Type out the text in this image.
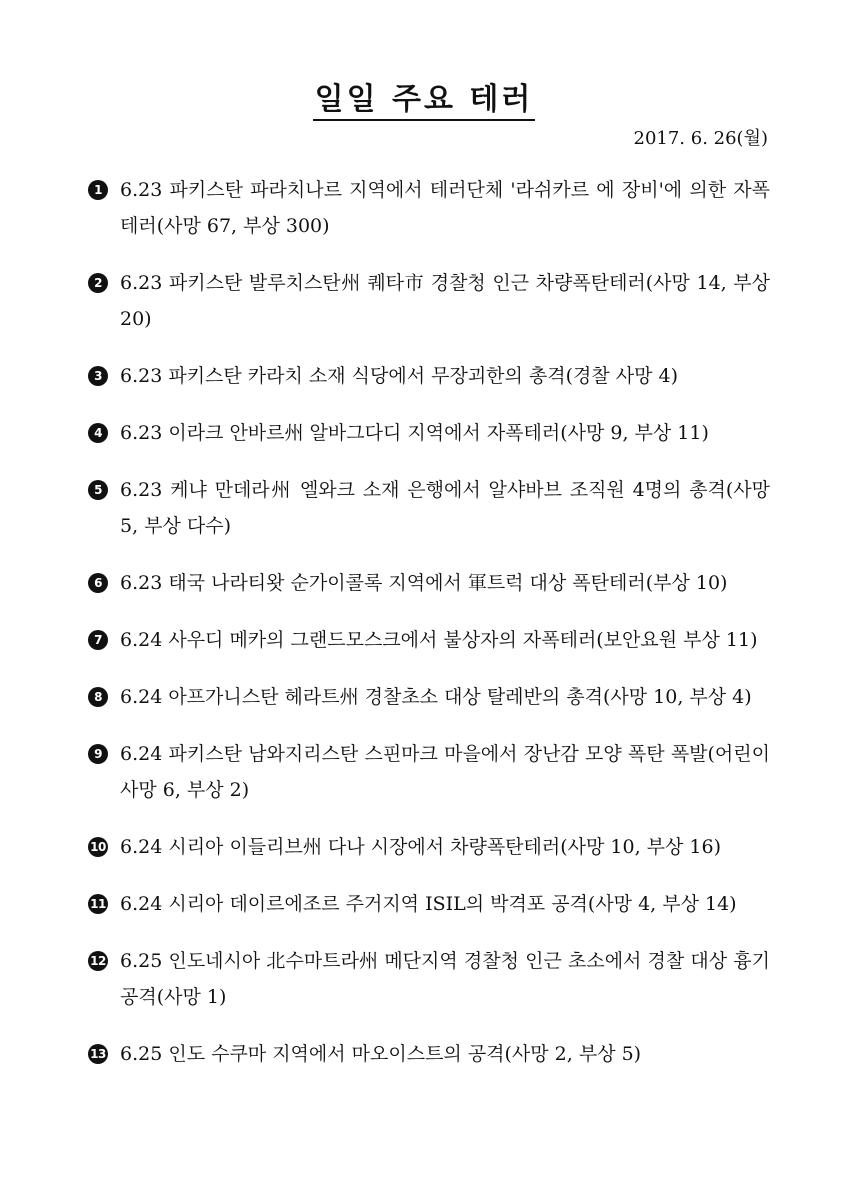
일일 주요 테러
2017. 6. 26(월)
1 6.23 파키스탄 파라치나르 지역에서 테러단체 '라쉬카르 에 장비'에 의한 자폭테러(사망 67, 부상 300)
2 6.23 파키스탄 발루치스탄州 퀘타市 경찰청 인근 차량폭탄테러(사망 14, 부상 20)
3 6.23 파키스탄 카라치 소재 식당에서 무장괴한의 총격(경찰 사망 4)
4 6.23 이라크 안바르州 알바그다디 지역에서 자폭테러(사망 9, 부상 11)
5 6.23 케냐 만데라州 엘와크 소재 은행에서 알샤바브 조직원 4명의 총격(사망 5, 부상 다수)
6 6.23 태국 나라티왓 순가이콜록 지역에서 軍트럭 대상 폭탄테러(부상 10)
7 6.24 사우디 메카의 그랜드모스크에서 불상자의 자폭테러(보안요원 부상 11)
8 6.24 아프가니스탄 헤라트州 경찰초소 대상 탈레반의 총격(사망 10, 부상 4)
9 6.24 파키스탄 남와지리스탄 스핀마크 마을에서 장난감 모양 폭탄 폭발(어린이 사망 6, 부상 2)
10 6.24 시리아 이들리브州 다나 시장에서 차량폭탄테러(사망 10, 부상 16)
11 6.24 시리아 데이르에조르 주거지역 ISIL의 박격포 공격(사망 4, 부상 14)
12 6.25 인도네시아 北수마트라州 메단지역 경찰청 인근 초소에서 경찰 대상 흉기 공격(사망 1)
13 6.25 인도 수쿠마 지역에서 마오이스트의 공격(사망 2, 부상 5)
